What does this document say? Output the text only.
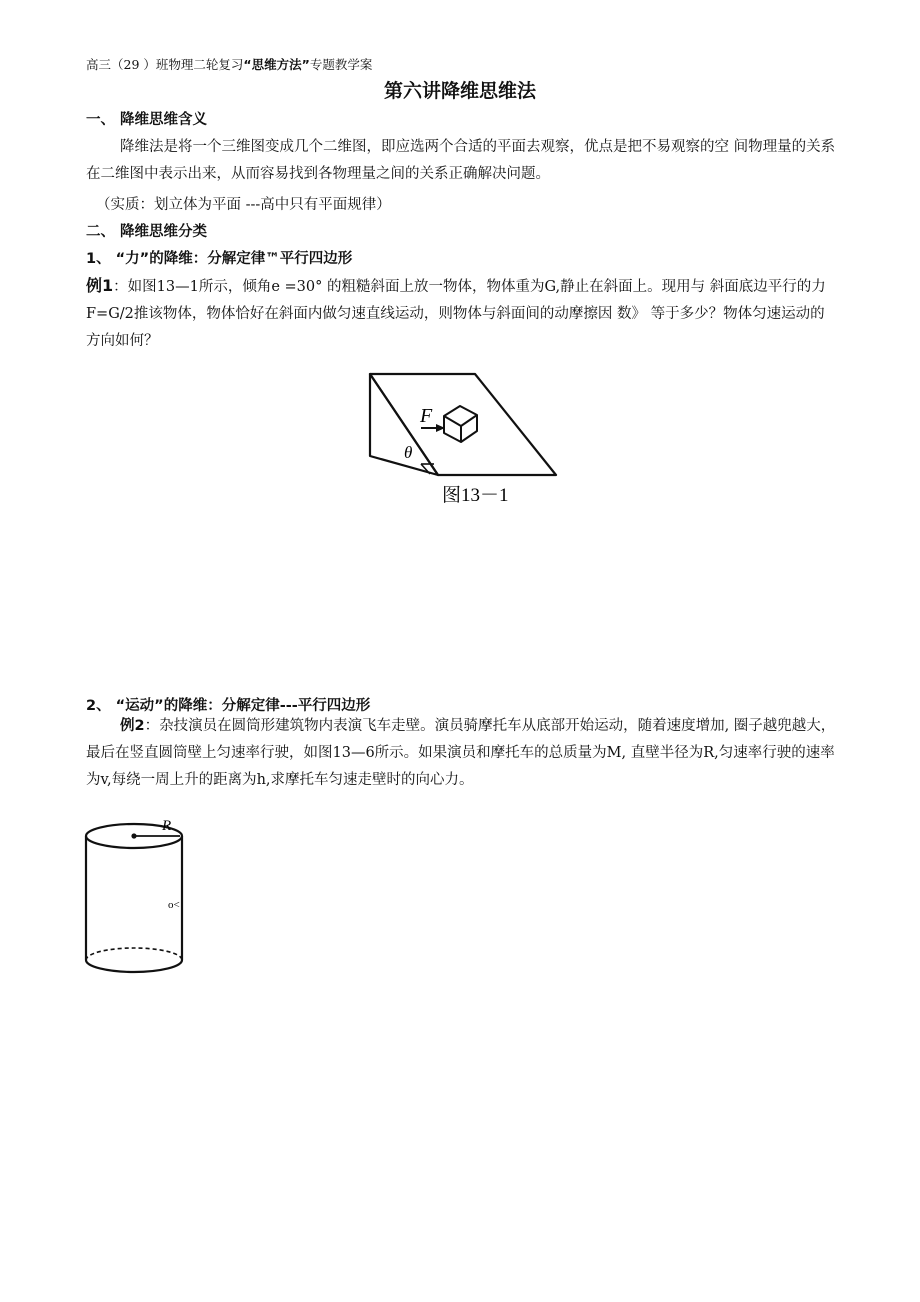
高三（29 ）班物理二轮复习“思维方法”专题教学案
第六讲降维思维法
一、 降维思维含义
降维法是将一个三维图变成几个二维图，即应选两个合适的平面去观察，优点是把不易观察的空 间物理量的关系在二维图中表示出来，从而容易找到各物理量之间的关系正确解决问题。
（实质：划立体为平面 ---高中只有平面规律）
二、 降维思维分类
1、 “力”的降维：分解定律™平行四边形
例1：如图13—1所示，倾角e =30° 的粗糙斜面上放一物体，物体重为G,静止在斜面上。现用与 斜面底边平行的力F=G/2推该物体，物体恰好在斜面内做匀速直线运动，则物体与斜面间的动摩擦因 数》 等于多少？物体匀速运动的方向如何？
F
θ
图13－1
2、 “运动”的降维：分解定律---平行四边形
例2：杂技演员在圆筒形建筑物内表演飞车走壁。演员骑摩托车从底部开始运动，随着速度增加, 圈子越兜越大，最后在竖直圆筒壁上匀速率行驶，如图13—6所示。如果演员和摩托车的总质量为M, 直壁半径为R,匀速率行驶的速率为v,每绕一周上升的距离为h,求摩托车匀速走壁时的向心力。
R
o<
